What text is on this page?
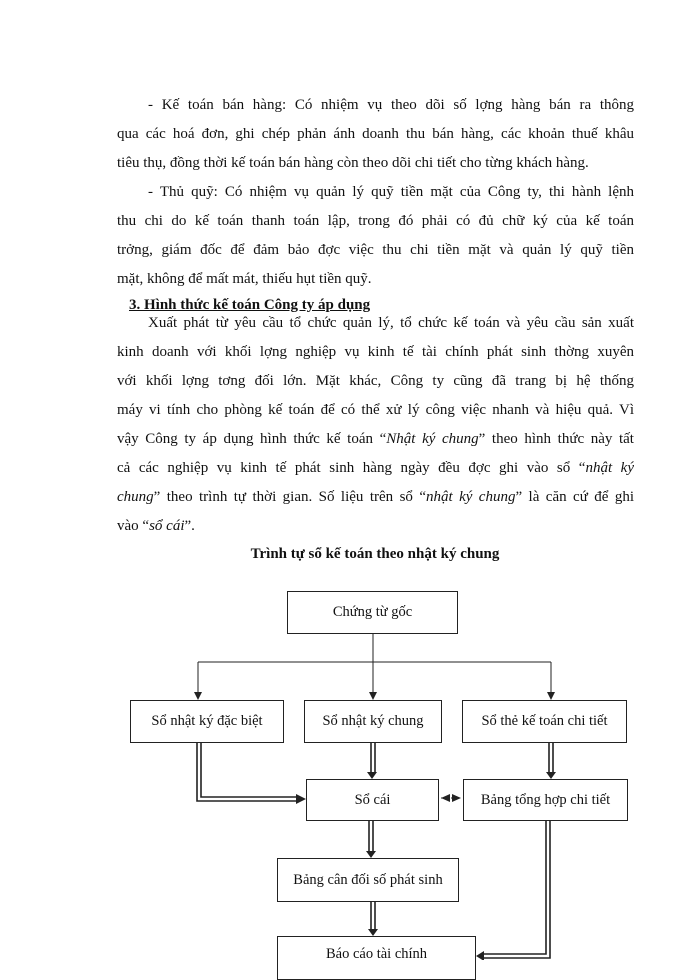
- Kế toán bán hàng: Có nhiệm vụ theo dõi số lợng hàng bán ra thông
qua các hoá đơn, ghi chép phản ánh doanh thu bán hàng, các khoản thuế khâu
tiêu thụ, đồng thời kế toán bán hàng còn theo dõi chi tiết cho từng khách hàng.
- Thủ quỹ: Có nhiệm vụ quản lý quỹ tiền mặt của Công ty, thi hành lệnh
thu chi do kế toán thanh toán lập, trong đó phải có đủ chữ ký của kế toán
trởng, giám đốc để đảm bảo đợc việc thu chi tiền mặt và quản lý quỹ tiền
mặt, không để mất mát, thiếu hụt tiền quỹ.
3. Hình thức kế toán Công ty áp dụng
Xuất phát từ yêu cầu tổ chức quản lý, tổ chức kế toán và yêu cầu sản xuất
kinh doanh với khối lợng nghiệp vụ kinh tế tài chính phát sinh thờng xuyên
với khối lợng tơng đối lớn. Mặt khác, Công ty cũng đã trang bị hệ thống
máy vi tính cho phòng kế toán để có thể xử lý công việc nhanh và hiệu quả. Vì
vậy Công ty áp dụng hình thức kế toán “Nhật ký chung” theo hình thức này tất
cả các nghiệp vụ kinh tế phát sinh hàng ngày đều đợc ghi vào sổ “nhật ký
chung” theo trình tự thời gian. Số liệu trên sổ “nhật ký chung” là căn cứ để ghi
vào “sổ cái”.
Trình tự sổ kế toán theo nhật ký chung
Chứng từ gốc
Sổ nhật ký đặc biệt	Sổ nhật ký chung	Sổ thẻ kế toán chi tiết
Sổ cái	Bảng tổng hợp chi tiết
Bảng cân đối số phát sinh
Báo cáo tài chính
